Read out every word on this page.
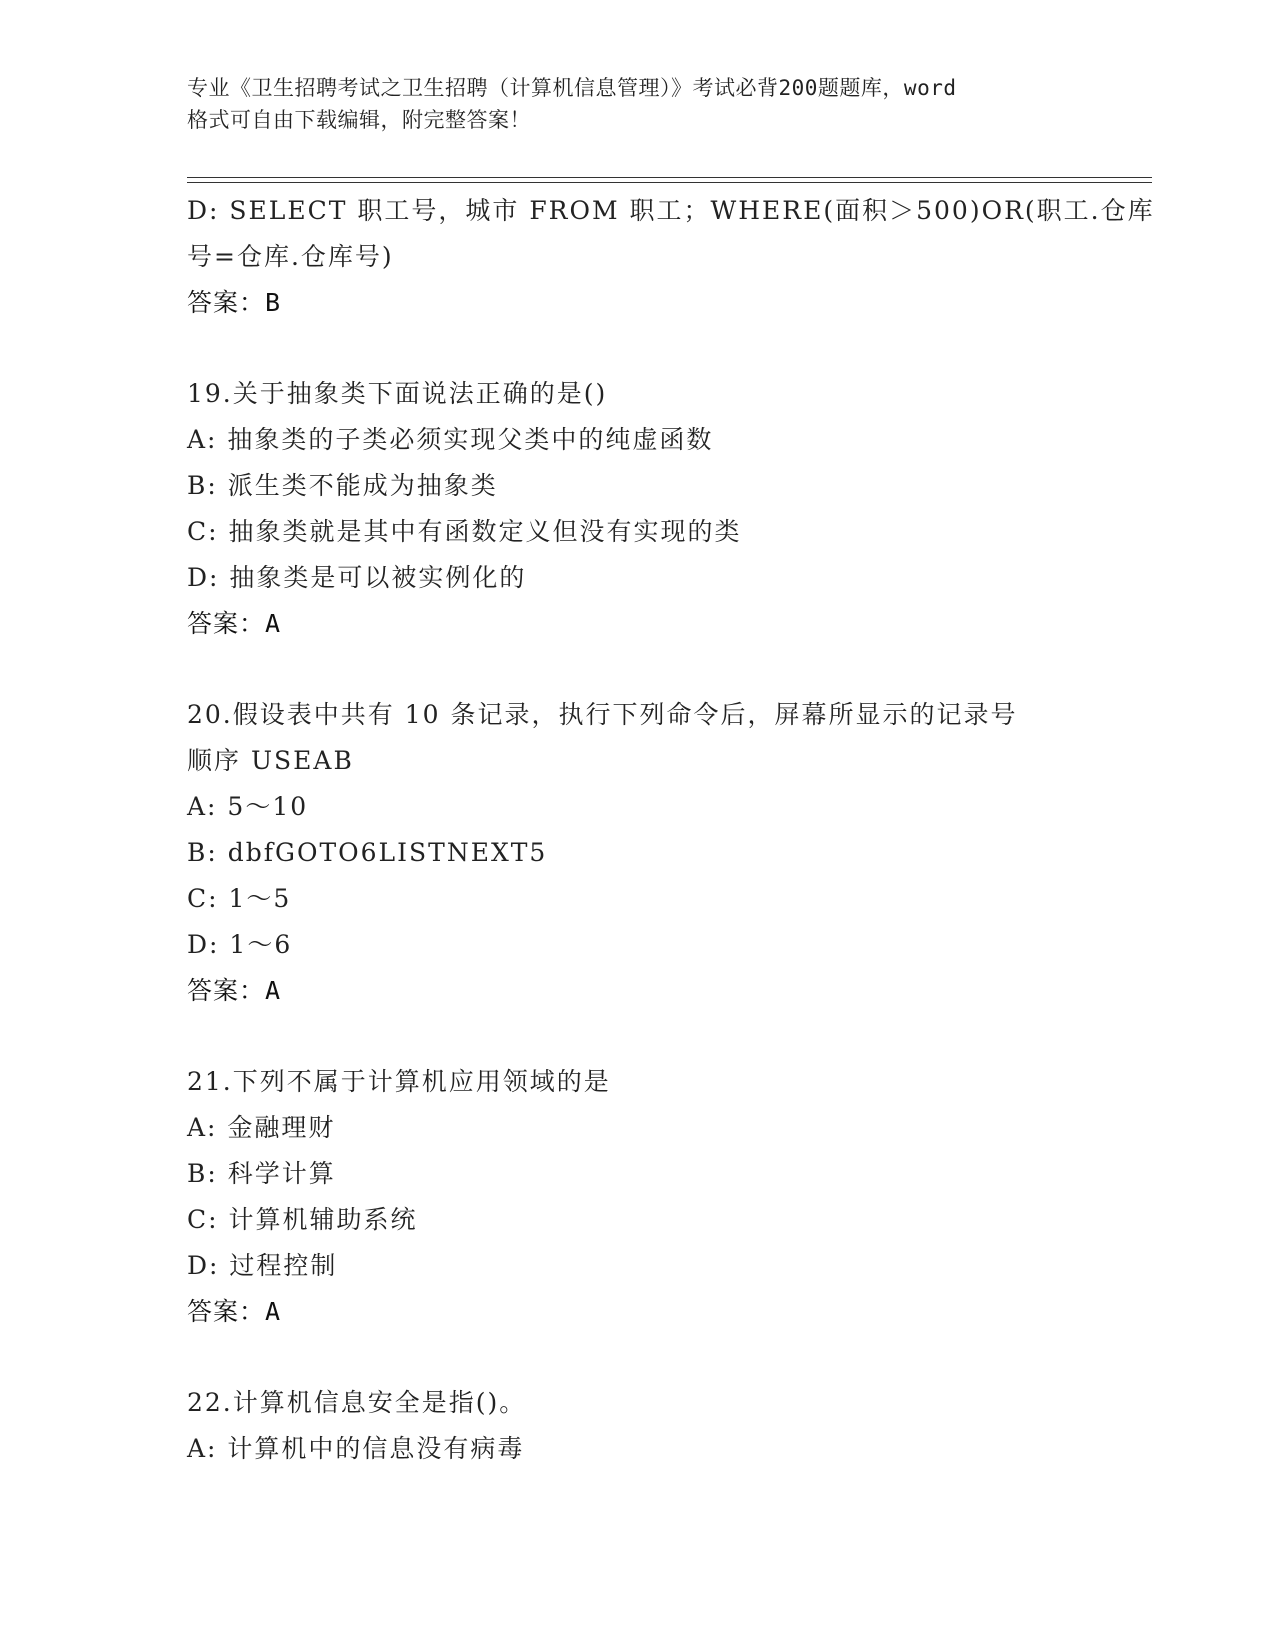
专业《卫生招聘考试之卫生招聘（计算机信息管理）》考试必背200题题库，word
格式可自由下载编辑，附完整答案！
D: SELECT 职工号，城市 FROM 职工；WHERE(面积＞500)OR(职工.仓库
号=仓库.仓库号)
答案：B
19.关于抽象类下面说法正确的是()
A: 抽象类的子类必须实现父类中的纯虚函数
B: 派生类不能成为抽象类
C: 抽象类就是其中有函数定义但没有实现的类
D: 抽象类是可以被实例化的
答案：A
20.假设表中共有 10 条记录，执行下列命令后，屏幕所显示的记录号
顺序 USEAB
A: 5～10
B: dbfGOTO6LISTNEXT5
C: 1～5
D: 1～6
答案：A
21.下列不属于计算机应用领域的是
A: 金融理财
B: 科学计算
C: 计算机辅助系统
D: 过程控制
答案：A
22.计算机信息安全是指()。
A: 计算机中的信息没有病毒
